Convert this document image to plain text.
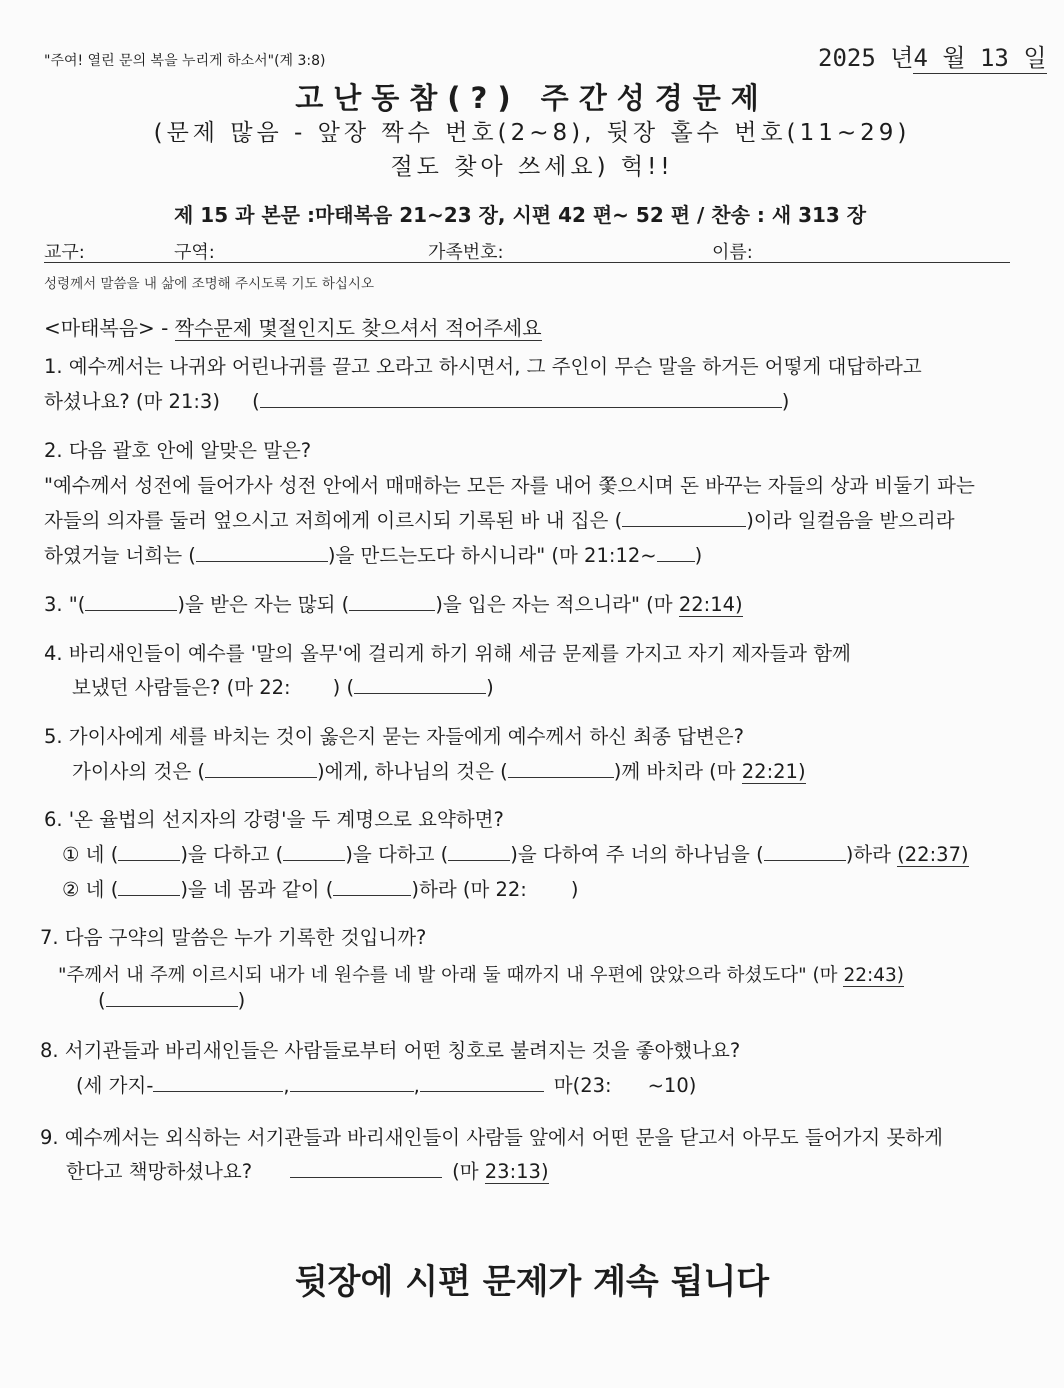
"주여! 열린 문의 복을 누리게 하소서"(계 3:8)	2025 년4 월 13 일
고난동참(?) 주간성경문제
(문제 많음 - 앞장 짝수 번호(2~8), 뒷장 홀수 번호(11~29)
절도 찾아 쓰세요) 헉!!
제 15 과 본문 :마태복음 21~23 장, 시편 42 편~ 52 편 / 찬송 : 새 313 장
교구:	구역:	가족번호:	이름:
성령께서 말씀을 내 삶에 조명해 주시도록 기도 하십시오
<마태복음> - 짝수문제 몇절인지도 찾으셔서 적어주세요
1. 예수께서는 나귀와 어린나귀를 끌고 오라고 하시면서, 그 주인이 무슨 말을 하거든 어떻게 대답하라고
하셨나요? (마 21:3) (	)
2. 다음 괄호 안에 알맞은 말은?
"예수께서 성전에 들어가사 성전 안에서 매매하는 모든 자를 내어 쫓으시며 돈 바꾸는 자들의 상과 비둘기 파는
자들의 의자를 둘러 엎으시고 저희에게 이르시되 기록된 바 내 집은 (	)이라 일컬음을 받으리라
하였거늘 너희는 (	)을 만드는도다 하시니라" (마 21:12~ )
3. "(	)을 받은 자는 많되 (	)을 입은 자는 적으니라" (마 22:14)
4. 바리새인들이 예수를 '말의 올무'에 걸리게 하기 위해 세금 문제를 가지고 자기 제자들과 함께
보냈던 사람들은? (마 22: ) (	)
5. 가이사에게 세를 바치는 것이 옳은지 묻는 자들에게 예수께서 하신 최종 답변은?
가이사의 것은 (	)에게, 하나님의 것은 (	)께 바치라 (마 22:21)
6. '온 율법의 선지자의 강령'을 두 계명으로 요약하면?
① 네 (	)을 다하고 (	)을 다하고 (	)을 다하여 주 너의 하나님을 (	)하라 (22:37)
② 네 (	)을 네 몸과 같이 (	)하라 (마 22: )
7. 다음 구약의 말씀은 누가 기록한 것입니까?
"주께서 내 주께 이르시되 내가 네 원수를 네 발 아래 둘 때까지 내 우편에 앉았으라 하셨도다" (마 22:43)
(	)
8. 서기관들과 바리새인들은 사람들로부터 어떤 칭호로 불려지는 것을 좋아했나요?
(세 가지-	,	,	마(23: ~10)
9. 예수께서는 외식하는 서기관들과 바리새인들이 사람들 앞에서 어떤 문을 닫고서 아무도 들어가지 못하게
한다고 책망하셨나요?	(마 23:13)
뒷장에 시편 문제가 계속 됩니다
